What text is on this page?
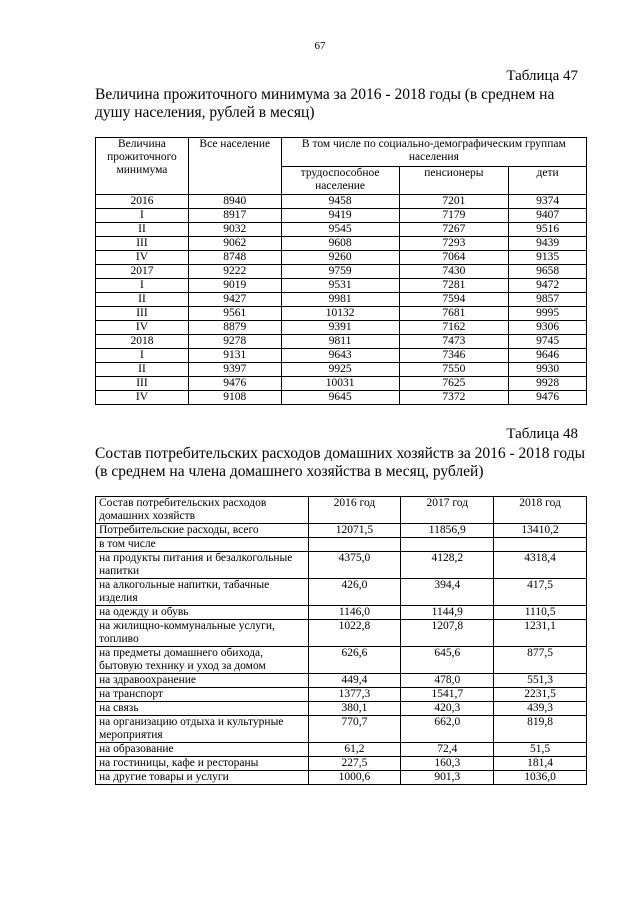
67
Таблица 47
Величина прожиточного минимума за 2016 - 2018 годы (в среднем на душу населения, рублей в месяц)
Величина прожиточного минимума	Все население	В том числе по социально-демографическим группам населения		
		трудоспособное население	пенсионеры	дети
2016	8940	9458	7201	9374
I	8917	9419	7179	9407
II	9032	9545	7267	9516
III	9062	9608	7293	9439
IV	8748	9260	7064	9135
2017	9222	9759	7430	9658
I	9019	9531	7281	9472
II	9427	9981	7594	9857
III	9561	10132	7681	9995
IV	8879	9391	7162	9306
2018	9278	9811	7473	9745
I	9131	9643	7346	9646
II	9397	9925	7550	9930
III	9476	10031	7625	9928
IV	9108	9645	7372	9476
Таблица 48
Состав потребительских расходов домашних хозяйств за 2016 - 2018 годы (в среднем на члена домашнего хозяйства в месяц, рублей)
Состав потребительских расходов домашних хозяйств	2016 год	2017 год	2018 год
Потребительские расходы, всего	12071,5	11856,9	13410,2
в том числе			
на продукты питания и безалкогольные напитки	4375,0	4128,2	4318,4
на алкогольные напитки, табачные изделия	426,0	394,4	417,5
на одежду и обувь	1146,0	1144,9	1110,5
на жилищно-коммунальные услуги, топливо	1022,8	1207,8	1231,1
на предметы домашнего обихода, бытовую технику и уход за домом	626,6	645,6	877,5
на здравоохранение	449,4	478,0	551,3
на транспорт	1377,3	1541,7	2231,5
на связь	380,1	420,3	439,3
на организацию отдыха и культурные мероприятия	770,7	662,0	819,8
на образование	61,2	72,4	51,5
на гостиницы, кафе и рестораны	227,5	160,3	181,4
на другие товары и услуги	1000,6	901,3	1036,0
